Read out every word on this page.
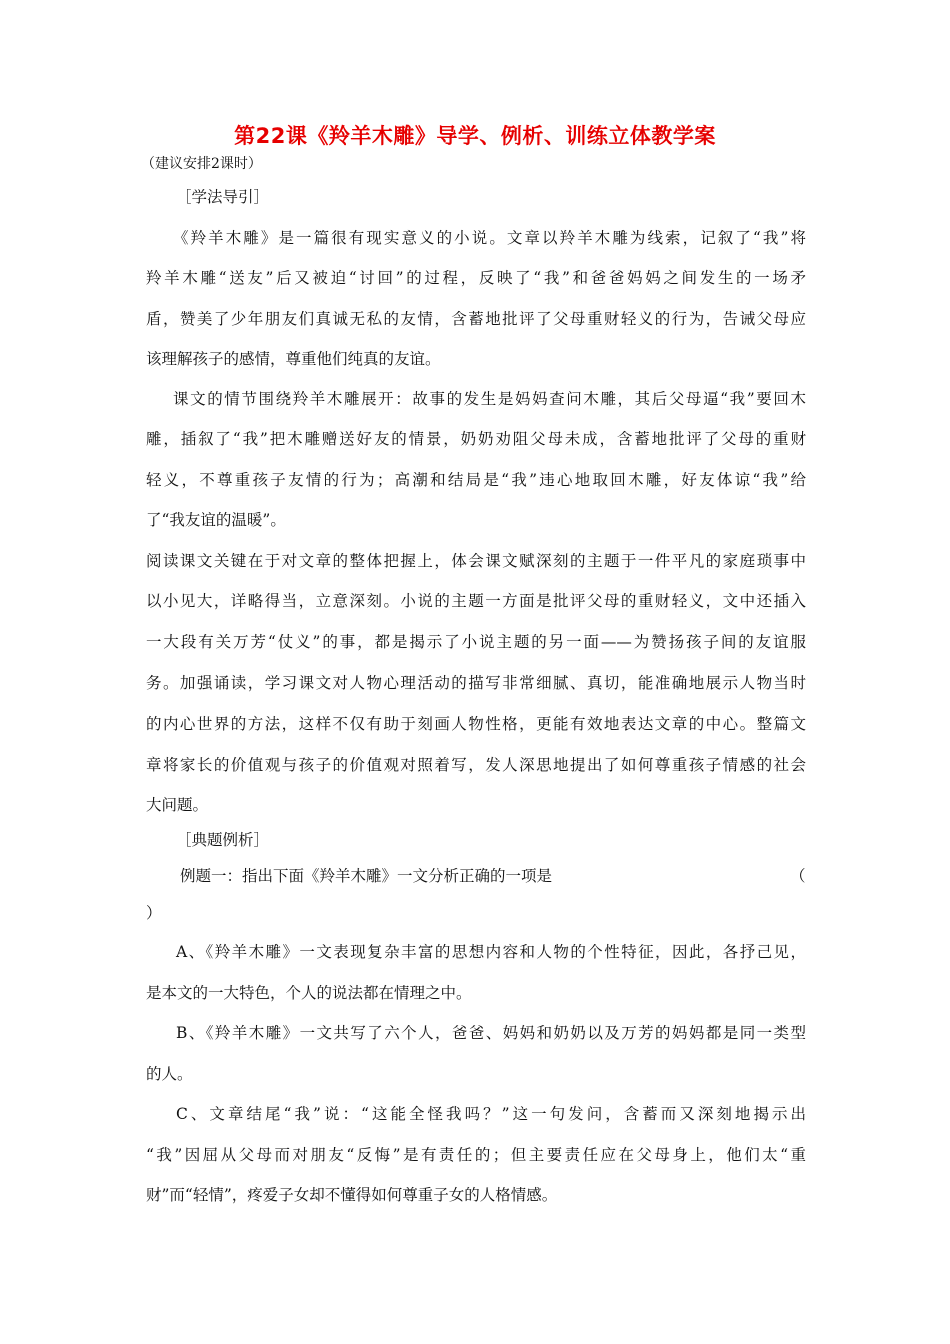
第22课《羚羊木雕》导学、例析、训练立体教学案
（建议安排2课时）
［学法导引］
《羚羊木雕》是一篇很有现实意义的小说。文章以羚羊木雕为线索，记叙了“我”将
羚羊木雕“送友”后又被迫“讨回”的过程，反映了“我”和爸爸妈妈之间发生的一场矛
盾，赞美了少年朋友们真诚无私的友情，含蓄地批评了父母重财轻义的行为，告诫父母应
该理解孩子的感情，尊重他们纯真的友谊。
课文的情节围绕羚羊木雕展开：故事的发生是妈妈查问木雕，其后父母逼“我”要回木
雕，插叙了“我”把木雕赠送好友的情景，奶奶劝阻父母未成，含蓄地批评了父母的重财
轻义，不尊重孩子友情的行为；高潮和结局是“我”违心地取回木雕，好友体谅“我”给
了“我友谊的温暖”。
阅读课文关键在于对文章的整体把握上，体会课文赋深刻的主题于一件平凡的家庭琐事中
以小见大，详略得当，立意深刻。小说的主题一方面是批评父母的重财轻义，文中还插入
一大段有关万芳“仗义”的事，都是揭示了小说主题的另一面——为赞扬孩子间的友谊服
务。加强诵读，学习课文对人物心理活动的描写非常细腻、真切，能准确地展示人物当时
的内心世界的方法，这样不仅有助于刻画人物性格，更能有效地表达文章的中心。整篇文
章将家长的价值观与孩子的价值观对照着写，发人深思地提出了如何尊重孩子情感的社会
大问题。
［典题例析］
例题一：指出下面《羚羊木雕》一文分析正确的一项是	（
）
A、《羚羊木雕》一文表现复杂丰富的思想内容和人物的个性特征，因此，各抒己见，
是本文的一大特色，个人的说法都在情理之中。
B、《羚羊木雕》一文共写了六个人，爸爸、妈妈和奶奶以及万芳的妈妈都是同一类型
的人。
C、文章结尾“我”说：“这能全怪我吗？”这一句发问，含蓄而又深刻地揭示出
“我”因屈从父母而对朋友“反悔”是有责任的；但主要责任应在父母身上，他们太“重
财”而“轻情”，疼爱子女却不懂得如何尊重子女的人格情感。
